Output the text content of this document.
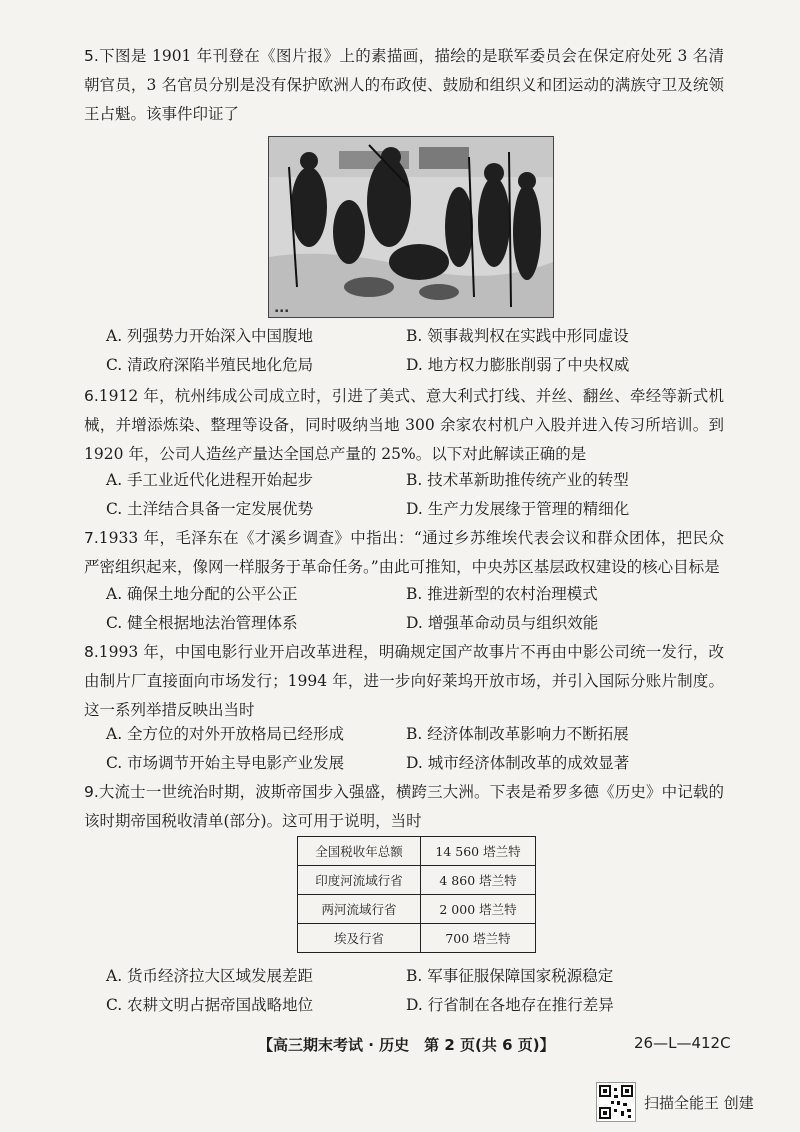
5.下图是 1901 年刊登在《图片报》上的素描画，描绘的是联军委员会在保定府处死 3 名清朝官员，3 名官员分别是没有保护欧洲人的布政使、鼓励和组织义和团运动的满族守卫及统领王占魁。该事件印证了
▪ ▪ ▪
A. 列强势力开始深入中国腹地	B. 领事裁判权在实践中形同虚设
C. 清政府深陷半殖民地化危局	D. 地方权力膨胀削弱了中央权威
6.1912 年，杭州纬成公司成立时，引进了美式、意大利式打线、并丝、翻丝、牵经等新式机械，并增添炼染、整理等设备，同时吸纳当地 300 余家农村机户入股并进入传习所培训。到 1920 年，公司人造丝产量达全国总产量的 25%。以下对此解读正确的是
A. 手工业近代化进程开始起步	B. 技术革新助推传统产业的转型
C. 土洋结合具备一定发展优势	D. 生产力发展缘于管理的精细化
7.1933 年，毛泽东在《才溪乡调查》中指出：“通过乡苏维埃代表会议和群众团体，把民众严密组织起来，像网一样服务于革命任务。”由此可推知，中央苏区基层政权建设的核心目标是
A. 确保土地分配的公平公正	B. 推进新型的农村治理模式
C. 健全根据地法治管理体系	D. 增强革命动员与组织效能
8.1993 年，中国电影行业开启改革进程，明确规定国产故事片不再由中影公司统一发行，改由制片厂直接面向市场发行；1994 年，进一步向好莱坞开放市场，并引入国际分账片制度。这一系列举措反映出当时
A. 全方位的对外开放格局已经形成	B. 经济体制改革影响力不断拓展
C. 市场调节开始主导电影产业发展	D. 城市经济体制改革的成效显著
9.大流士一世统治时期，波斯帝国步入强盛，横跨三大洲。下表是希罗多德《历史》中记载的该时期帝国税收清单(部分)。这可用于说明，当时
全国税收年总额	14 560 塔兰特
印度河流域行省	4 860 塔兰特
两河流域行省	2 000 塔兰特
埃及行省	700 塔兰特
A. 货币经济拉大区域发展差距	B. 军事征服保障国家税源稳定
C. 农耕文明占据帝国战略地位	D. 行省制在各地存在推行差异
【高三期末考试 · 历史　第 2 页(共 6 页)】	26—L—412C
扫描全能王 创建
